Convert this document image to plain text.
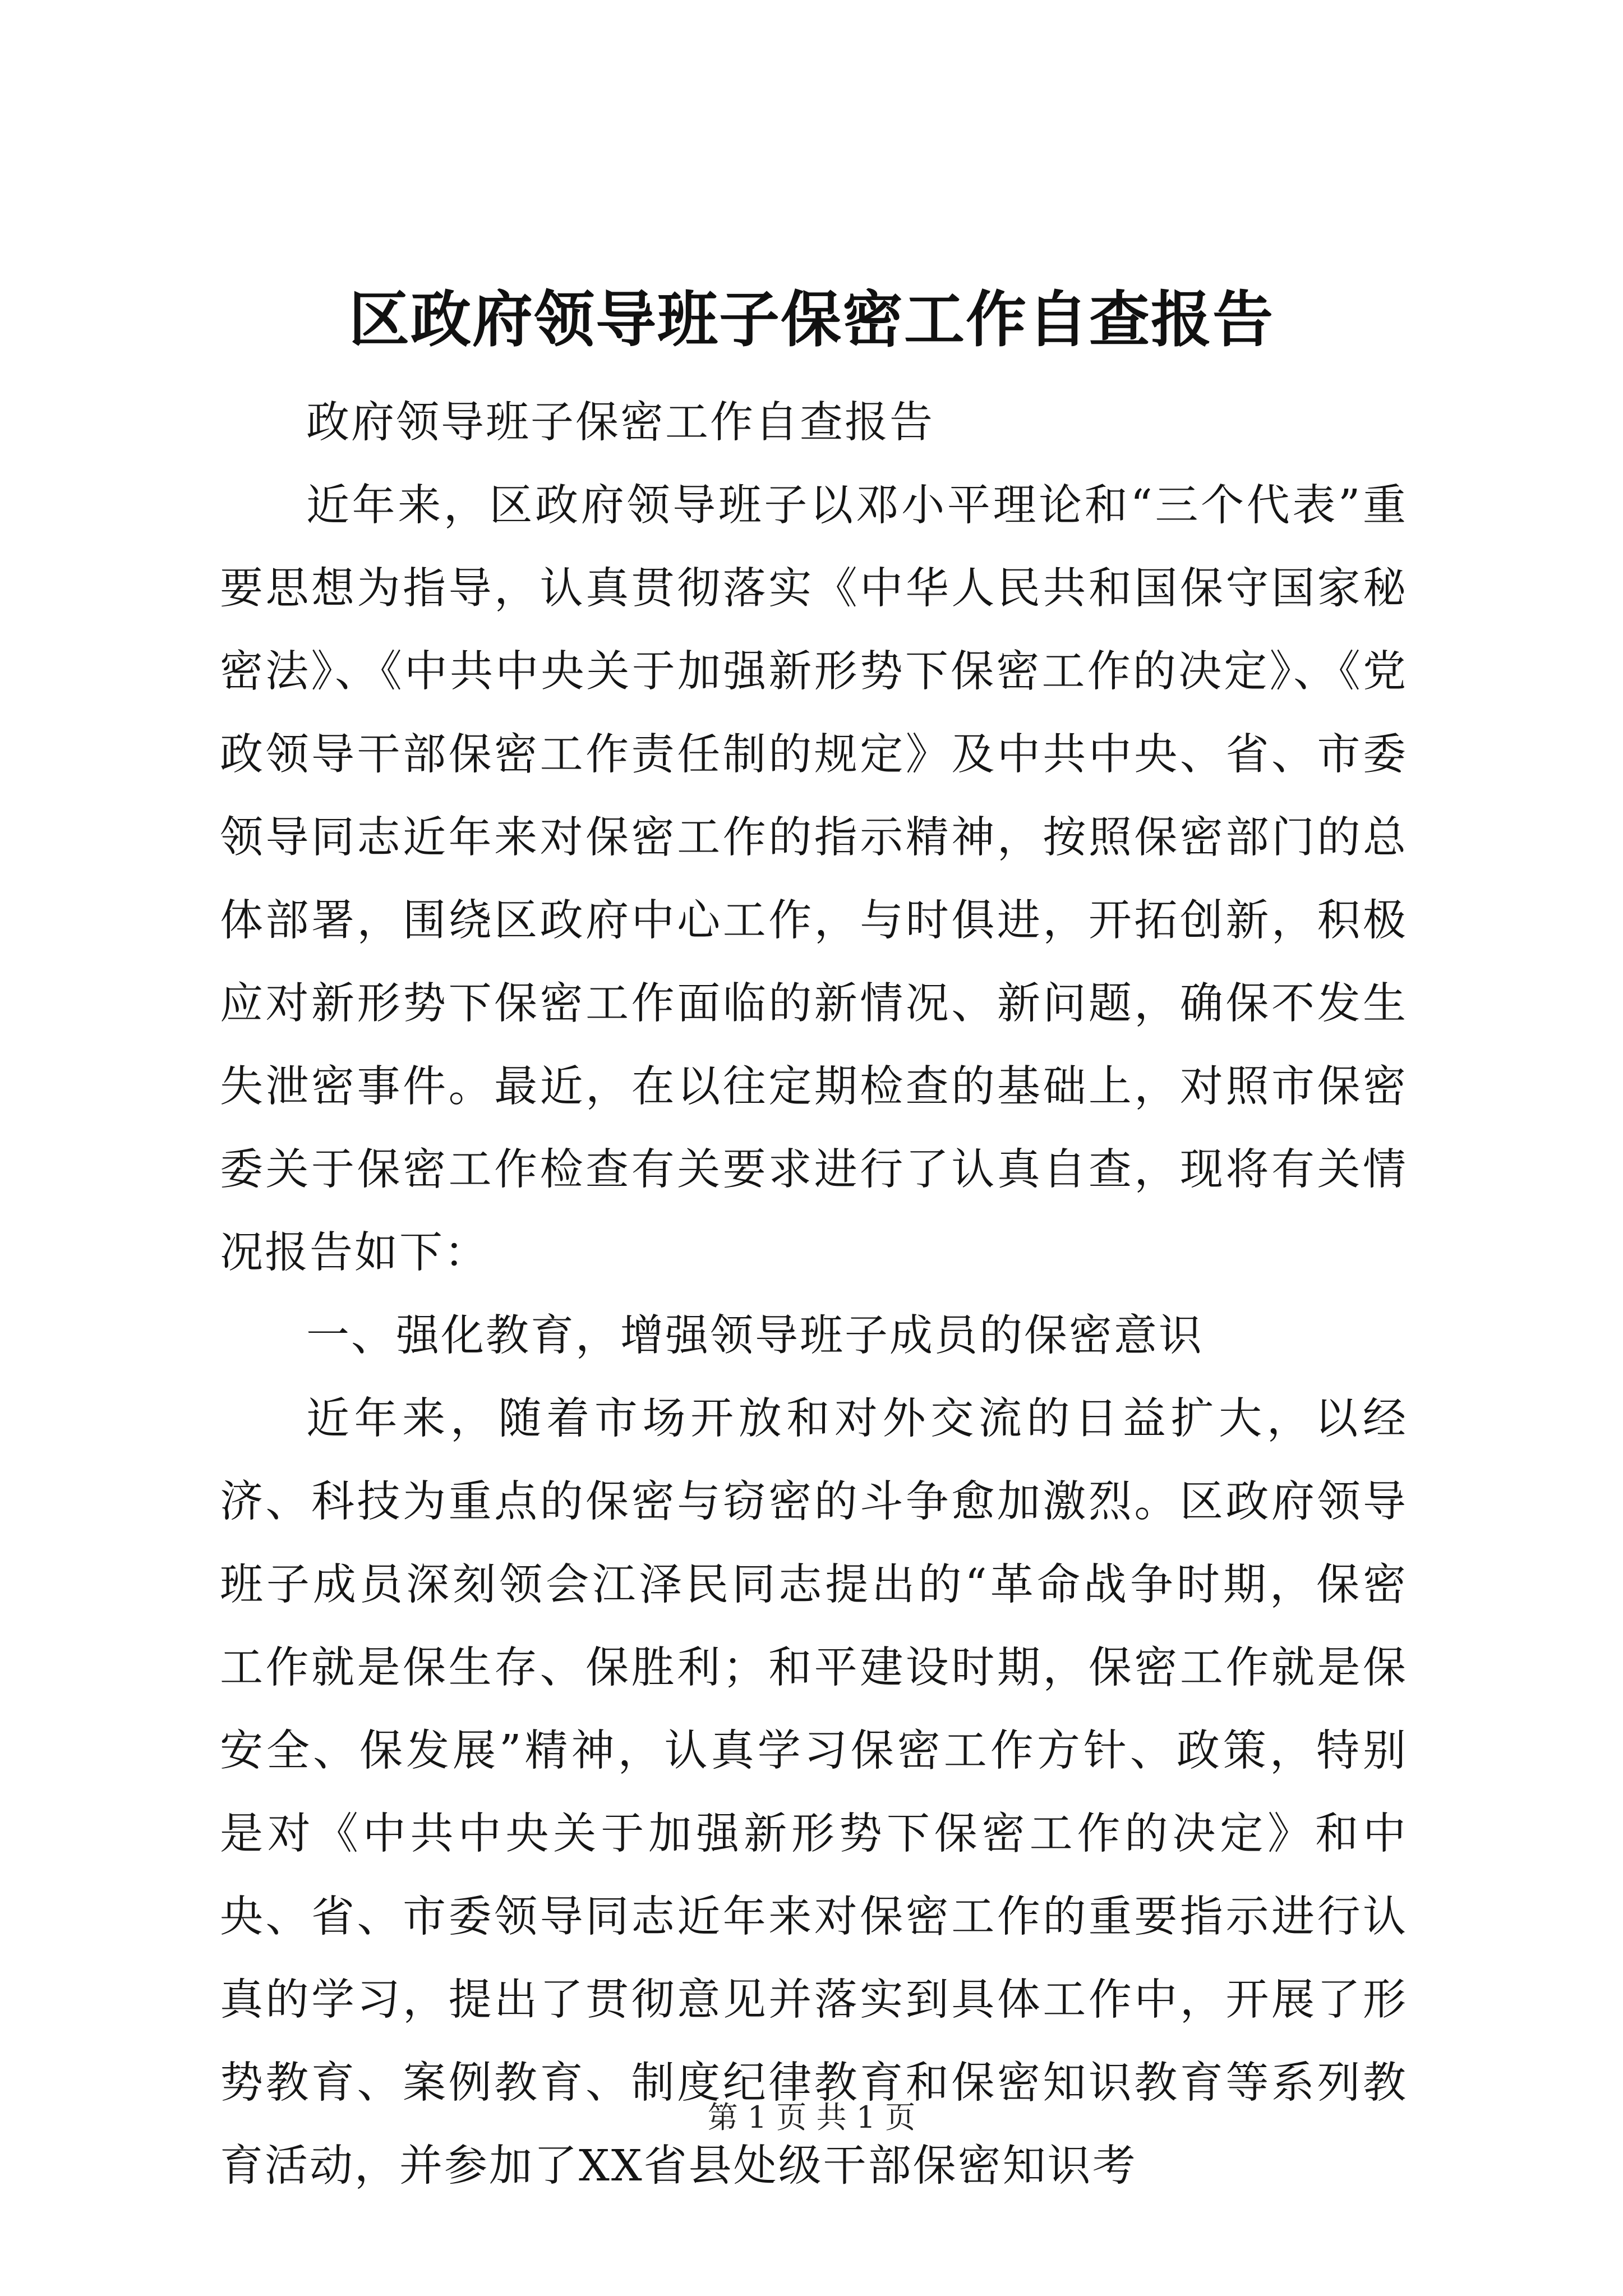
区政府领导班子保密工作自查报告

政府领导班子保密工作自查报告

近年来，区政府领导班子以邓小平理论和“三个代表”重要思想为指导，认真贯彻落实《中华人民共和国保守国家秘密法》、《中共中央关于加强新形势下保密工作的决定》、《党政领导干部保密工作责任制的规定》及中共中央、省、市委领导同志近年来对保密工作的指示精神，按照保密部门的总体部署，围绕区政府中心工作，与时俱进，开拓创新，积极应对新形势下保密工作面临的新情况、新问题，确保不发生失泄密事件。最近，在以往定期检查的基础上，对照市保密委关于保密工作检查有关要求进行了认真自查，现将有关情况报告如下：

一、强化教育，增强领导班子成员的保密意识

近年来，随着市场开放和对外交流的日益扩大，以经济、科技为重点的保密与窃密的斗争愈加激烈。区政府领导班子成员深刻领会江泽民同志提出的“革命战争时期，保密工作就是保生存、保胜利；和平建设时期，保密工作就是保安全、保发展”精神，认真学习保密工作方针、政策，特别是对《中共中央关于加强新形势下保密工作的决定》和中央、省、市委领导同志近年来对保密工作的重要指示进行认真的学习，提出了贯彻意见并落实到具体工作中，开展了形势教育、案例教育、制度纪律教育和保密知识教育等系列教育活动，并参加了XX省县处级干部保密知识考

第 1 页 共 1 页
